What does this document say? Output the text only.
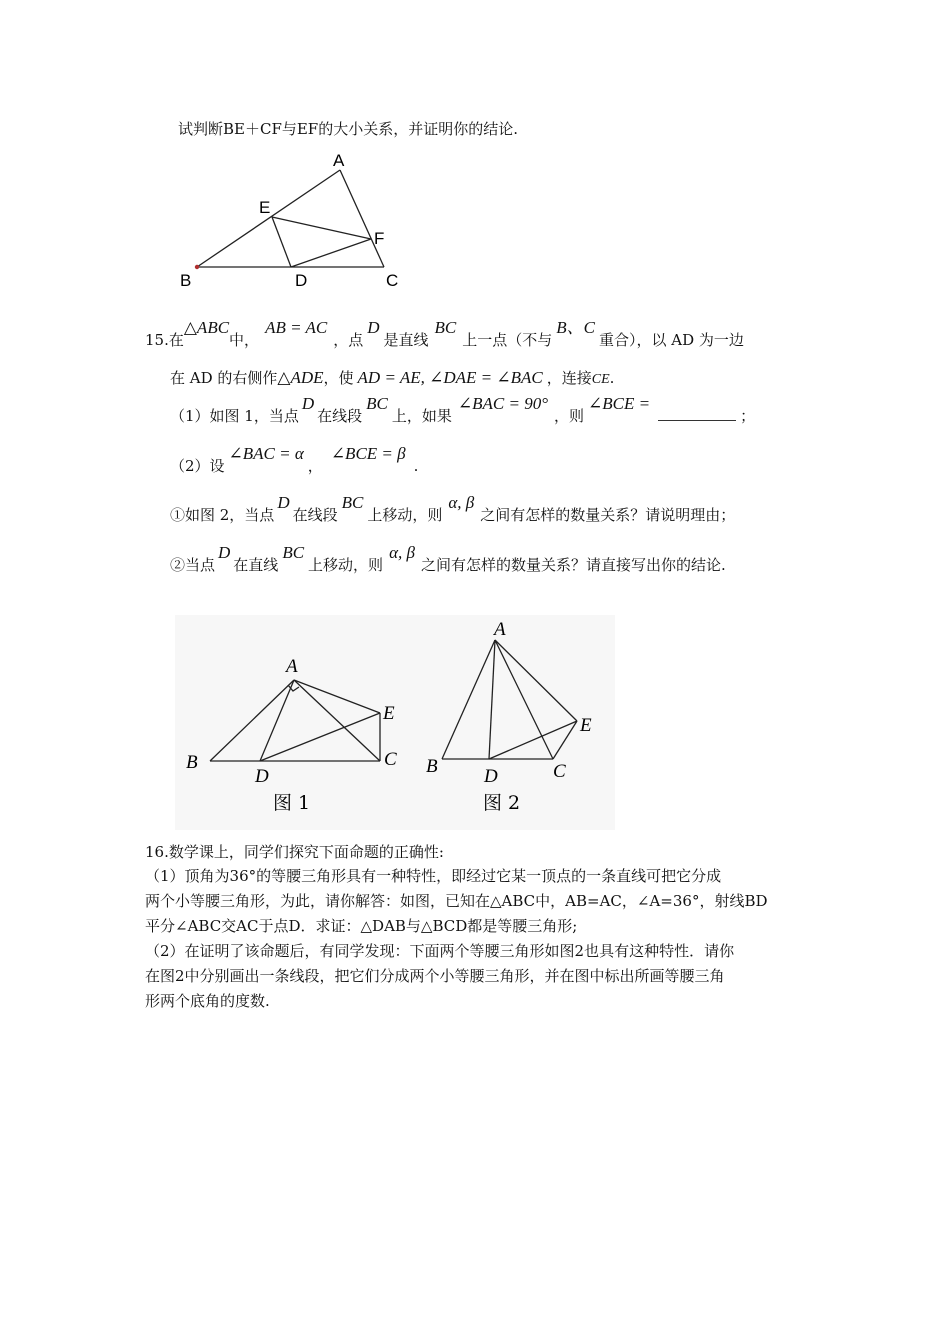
试判断BE＋CF与EF的大小关系，并证明你的结论.
A
E
F
B	D	C
15.在△ABC中，AB = AC，点D是直线BC上一点（不与B、C重合），以 AD 为一边
在 AD 的右侧作△ADE，使 AD = AE, ∠DAE = ∠BAC ，连接CE.
（1）如图 1，当点D在线段BC上，如果∠BAC = 90°，则∠BCE =；
（2）设∠BAC = α，∠BCE = β.
①如图 2，当点D在线段BC上移动，则α, β之间有怎样的数量关系？请说明理由；
②当点D在直线BC上移动，则α, β之间有怎样的数量关系？请直接写出你的结论.
A
E
B
D
C
图 1
A
E
B D	C
图 2
16.数学课上，同学们探究下面命题的正确性:
（1）顶角为36°的等腰三角形具有一种特性，即经过它某一顶点的一条直线可把它分成
两个小等腰三角形，为此，请你解答：如图，已知在△ABC中，AB=AC，∠A=36°，射线BD
平分∠ABC交AC于点D．求证：△DAB与△BCD都是等腰三角形;
（2）在证明了该命题后，有同学发现：下面两个等腰三角形如图2也具有这种特性．请你
在图2中分别画出一条线段，把它们分成两个小等腰三角形，并在图中标出所画等腰三角
形两个底角的度数.
